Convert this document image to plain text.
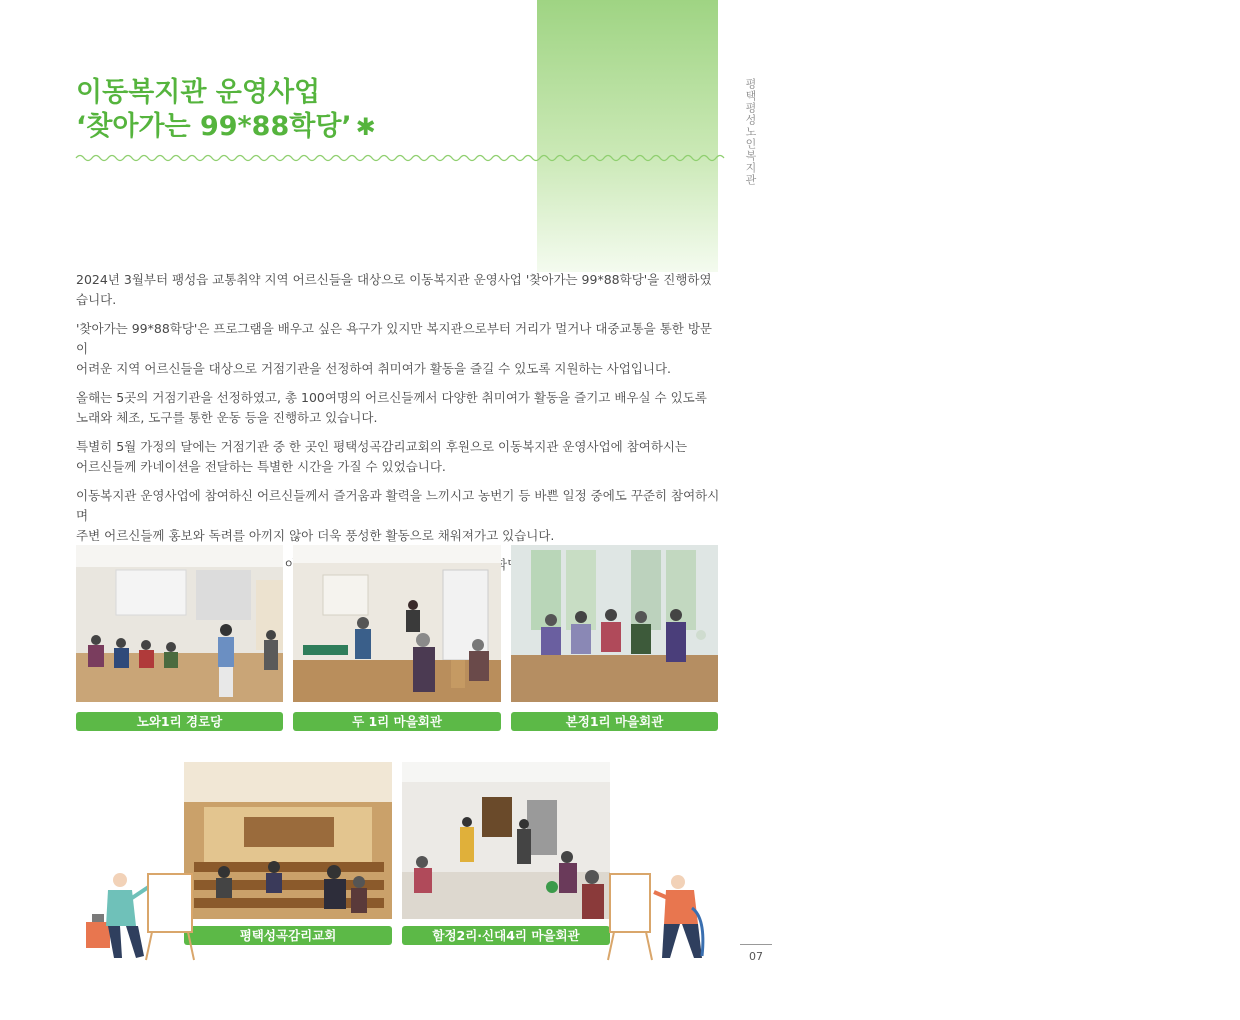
✱
✱
평택평성노인복지관
이동복지관 운영사업
‘찾아가는 99*88학당’ ✱

2024년 3월부터 팽성읍 교통취약 지역 어르신들을 대상으로 이동복지관 운영사업 '찾아가는 99*88학당'을 진행하였습니다.

'찾아가는 99*88학당'은 프로그램을 배우고 싶은 욕구가 있지만 복지관으로부터 거리가 멀거나 대중교통을 통한 방문이
어려운 지역 어르신들을 대상으로 거점기관을 선정하여 취미여가 활동을 즐길 수 있도록 지원하는 사업입니다.

올해는 5곳의 거점기관을 선정하였고, 총 100여명의 어르신들께서 다양한 취미여가 활동을 즐기고 배우실 수 있도록
노래와 체조, 도구를 통한 운동 등을 진행하고 있습니다.

특별히 5월 가정의 달에는 거점기관 중 한 곳인 평택성곡감리교회의 후원으로 이동복지관 운영사업에 참여하시는
어르신들께 카네이션을 전달하는 특별한 시간을 가질 수 있었습니다.

이동복지관 운영사업에 참여하신 어르신들께서 즐거움과 활력을 느끼시고 농번기 등 바쁜 일정 중에도 꾸준히 참여하시며
주변 어르신들께 홍보와 독려를 아끼지 않아 더욱 풍성한 활동으로 채워져가고 있습니다.

노와1리 경로당	두 1리 마을회관	본정1리 마을회관
평택성곡감리교회	함정2리·신대4리 마을회관
07
